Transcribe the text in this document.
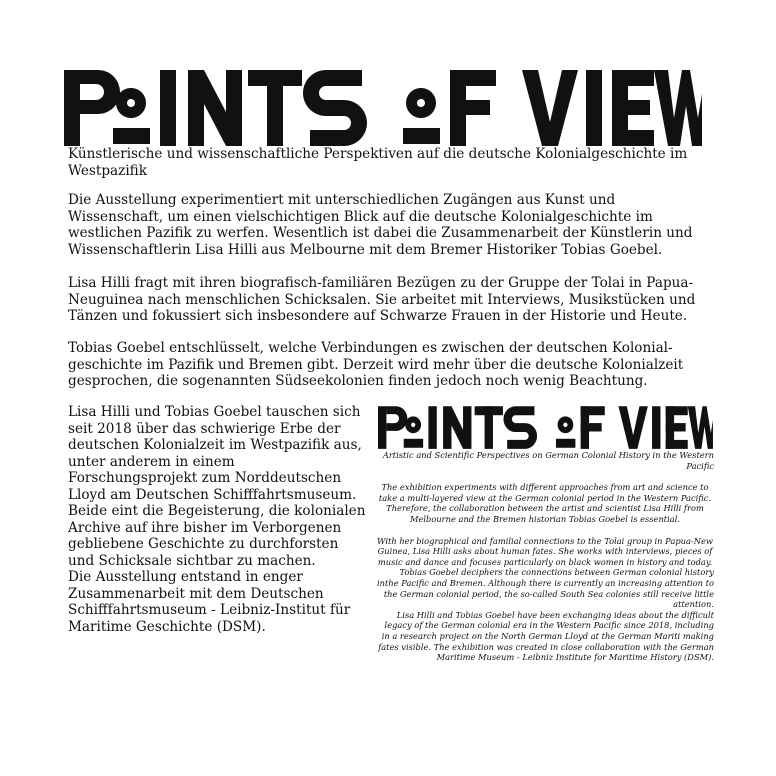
Künstlerische und wissenschaftliche Perspektiven auf die deutsche Kolonialgeschichte im Westpazifik

Die Ausstellung experimentiert mit unterschiedlichen Zugängen aus Kunst und Wissenschaft, um einen vielschichtigen Blick auf die deutsche Kolonialgeschichte im westlichen Pazifik zu werfen. Wesentlich ist dabei die Zusammenarbeit der Künstlerin und Wissenschaftlerin Lisa Hilli aus Melbourne mit dem Bremer Historiker Tobias Goebel.

Lisa Hilli fragt mit ihren biografisch-familiären Bezügen zu der Gruppe der Tolai in Papua-Neuguinea nach menschlichen Schicksalen. Sie arbeitet mit Interviews, Musikstücken und Tänzen und fokussiert sich insbesondere auf Schwarze Frauen in der Historie und Heute.

Tobias Goebel entschlüsselt, welche Verbindungen es zwischen der deutschen Kolonialgeschichte im Pazifik und Bremen gibt. Derzeit wird mehr über die deutsche Kolonialzeit gesprochen, die sogenannten Südseekolonien finden jedoch noch wenig Beachtung.

Lisa Hilli und Tobias Goebel tauschen sich seit 2018 über das schwierige Erbe der deutschen Kolonialzeit im Westpazifik aus, unter anderem in einem Forschungsprojekt zum Norddeutschen Lloyd am Deutschen Schifffahrtsmuseum. Beide eint die Begeisterung, die kolonialen Archive auf ihre bisher im Verborgenen gebliebene Geschichte zu durchforsten und Schicksale sichtbar zu machen.

Die Ausstellung entstand in enger Zusammenarbeit mit dem Deutschen Schifffahrtsmuseum - Leibniz-Institut für Maritime Geschichte (DSM).

Artistic and Scientific Perspectives on German Colonial History in the Western Pacific

The exhibition experiments with different approaches from art and science to take a multi-layered view at the German colonial period in the Western Pacific. Therefore, the collaboration between the artist and scientist Lisa Hilli from Melbourne and the Bremen historian Tobias Goebel is essential.

With her biographical and familial connections to the Tolai group in Papua-New Guinea, Lisa Hilli asks about human fates. She works with interviews, pieces of music and dance and focuses particularly on black women in history and today.

Tobias Goebel deciphers the connections between German colonial history inthe Pacific and Bremen. Although there is currently an increasing attention to the German colonial period, the so-called South Sea colonies still receive little attention.

Lisa Hilli and Tobias Goebel have been exchanging ideas about the difficult legacy of the German colonial era in the Western Pacific since 2018, including in a research project on the North German Lloyd at the German Mariti making fates visible. The exhibition was created in close collaboration with the German Maritime Museum - Leibniz Institute for Maritime History (DSM).
